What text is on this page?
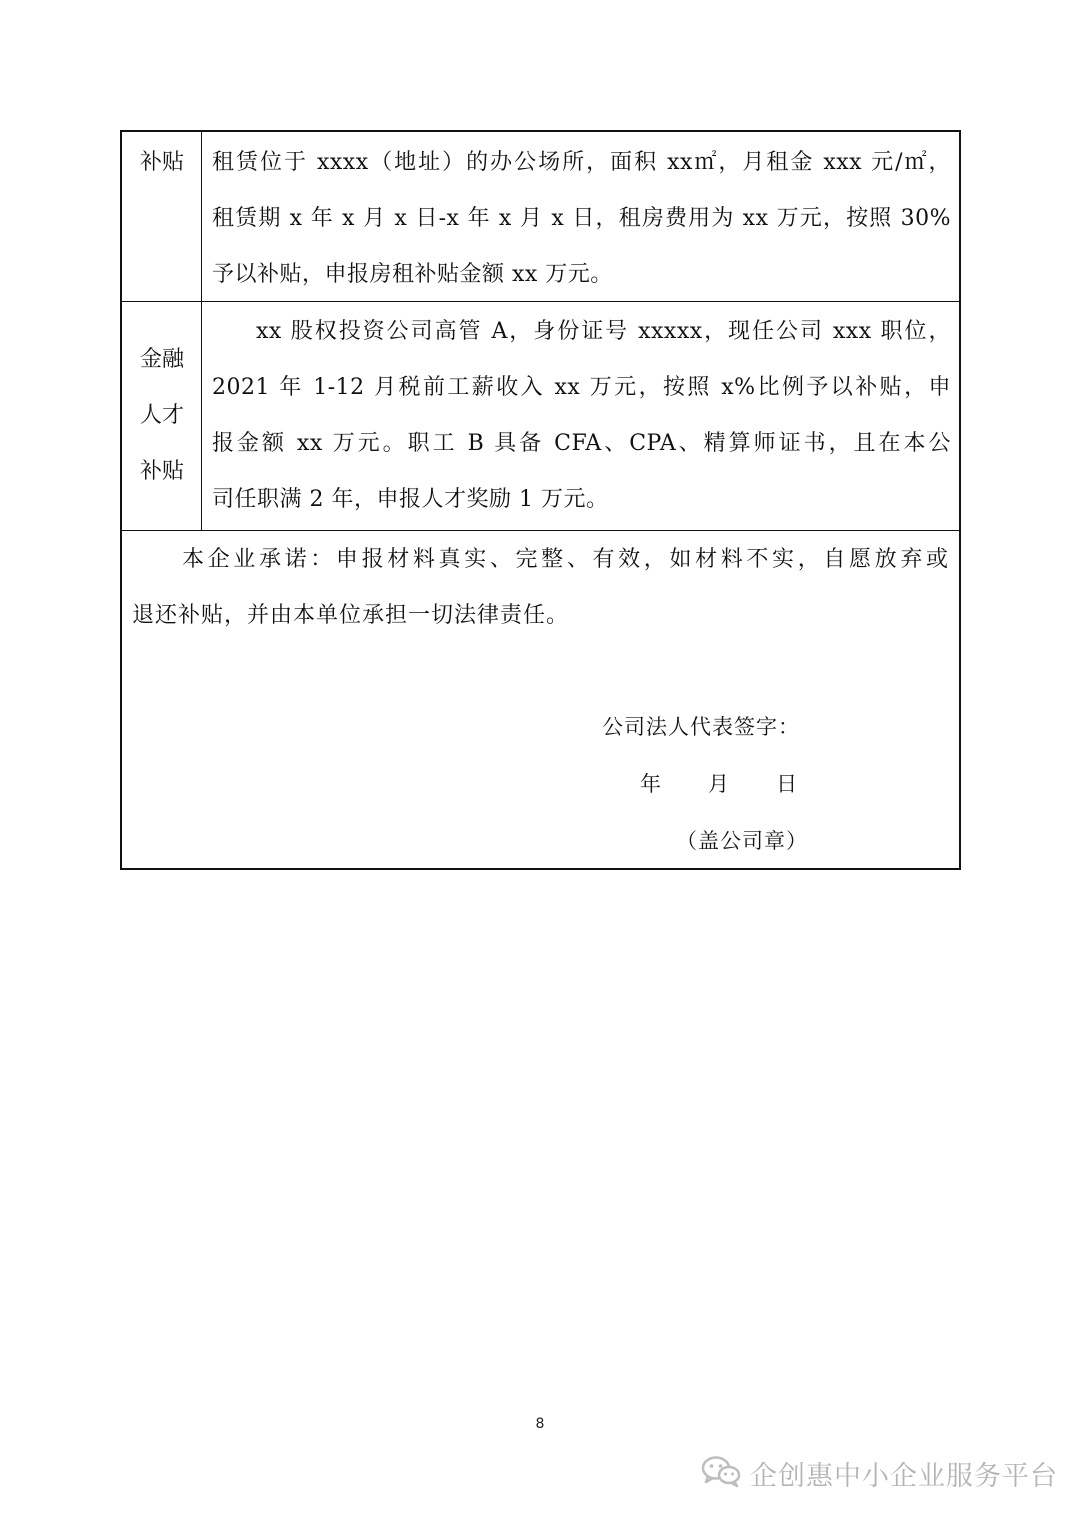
补贴	租赁位于 xxxx（地址）的办公场所，面积 xx㎡，月租金 xxx 元/㎡，
租赁期 x 年 x 月 x 日-x 年 x 月 x 日，租房费用为 xx 万元，按照 30%
予以补贴，申报房租补贴金额 xx 万元。
金融
人才
补贴
xx 股权投资公司高管 A，身份证号 xxxxx，现任公司 xxx 职位，
2021 年 1-12 月税前工薪收入 xx 万元，按照 x%比例予以补贴，申
报金额 xx 万元。职工 B 具备 CFA、CPA、精算师证书，且在本公
司任职满 2 年，申报人才奖励 1 万元。
本企业承诺：申报材料真实、完整、有效，如材料不实，自愿放弃或
退还补贴，并由本单位承担一切法律责任。
公司法人代表签字：
年      月      日
（盖公司章）
8
企创惠中小企业服务平台
